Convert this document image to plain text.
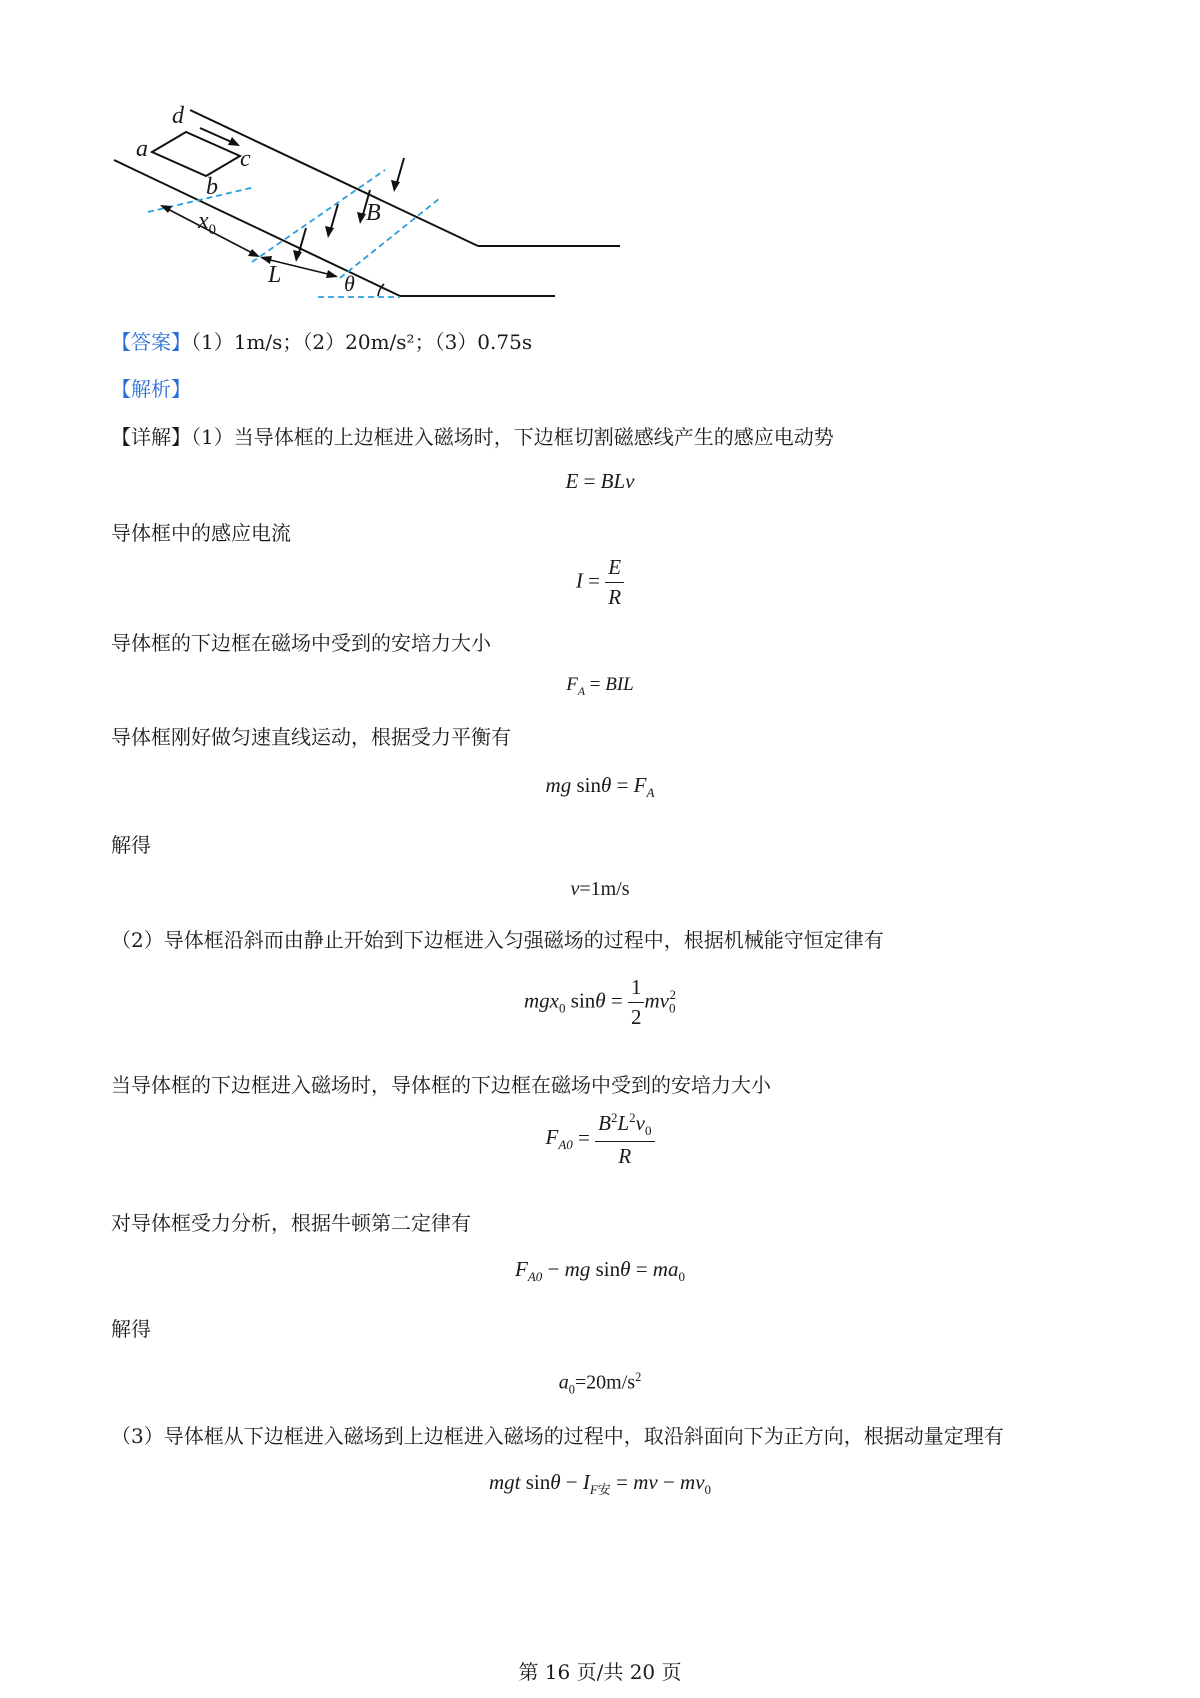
d
a	c
b
B
$x_0$
L	θ
【答案】（1）1m/s；（2）20m/s²；（3）0.75s
【解析】
【详解】（1）当导体框的上边框进入磁场时，下边框切割磁感线产生的感应电动势
E = BLv
导体框中的感应电流
$I = \frac{E}{R}$
导体框的下边框在磁场中受到的安培力大小
$F_A$ = BIL
导体框刚好做匀速直线运动，根据受力平衡有
mg $\sin\theta = F_A$
解得
v=1m/s
（2）导体框沿斜而由静止开始到下边框进入匀强磁场的过程中，根据机械能守恒定律有
mgx$_0$ $\sin\theta = \frac{1}{2} mv_0^2$
当导体框的下边框进入磁场时，导体框的下边框在磁场中受到的安培力大小
$F_{A0} = \frac{B^2L^2v_0}{R}$
对导体框受力分析，根据牛顿第二定律有
$F_{A0}$ − mg $\sin\theta = ma_0$
解得
$a_0=20m/s^2$
（3）导体框从下边框进入磁场到上边框进入磁场的过程中，取沿斜面向下为正方向，根据动量定理有
mgt $\sin\theta - I_{F安}$ = mv − $mv_0$
第 16 页/共 20 页
